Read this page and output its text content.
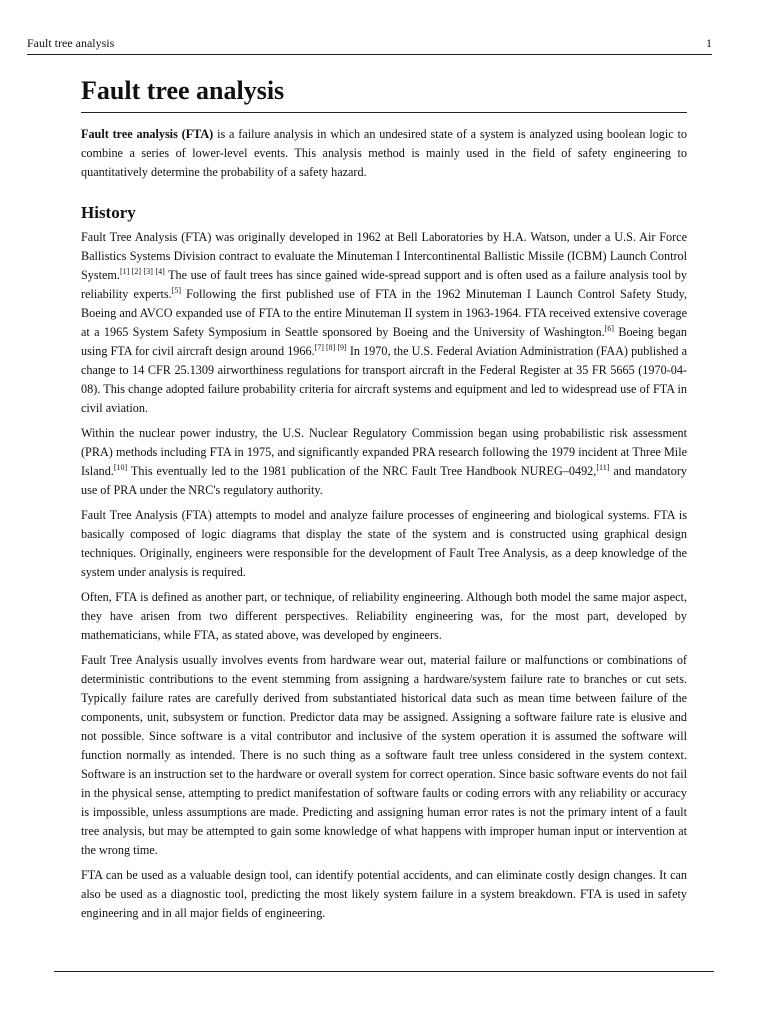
Fault tree analysis	1
Fault tree analysis

Fault tree analysis (FTA) is a failure analysis in which an undesired state of a system is analyzed using boolean logic to combine a series of lower-level events. This analysis method is mainly used in the field of safety engineering to quantitatively determine the probability of a safety hazard.

History

Fault Tree Analysis (FTA) was originally developed in 1962 at Bell Laboratories by H.A. Watson, under a U.S. Air Force Ballistics Systems Division contract to evaluate the Minuteman I Intercontinental Ballistic Missile (ICBM) Launch Control System.[1] [2] [3] [4] The use of fault trees has since gained wide-spread support and is often used as a failure analysis tool by reliability experts.[5] Following the first published use of FTA in the 1962 Minuteman I Launch Control Safety Study, Boeing and AVCO expanded use of FTA to the entire Minuteman II system in 1963-1964. FTA received extensive coverage at a 1965 System Safety Symposium in Seattle sponsored by Boeing and the University of Washington.[6] Boeing began using FTA for civil aircraft design around 1966.[7] [8] [9] In 1970, the U.S. Federal Aviation Administration (FAA) published a change to 14 CFR 25.1309 airworthiness regulations for transport aircraft in the Federal Register at 35 FR 5665 (1970-04-08). This change adopted failure probability criteria for aircraft systems and equipment and led to widespread use of FTA in civil aviation.

Within the nuclear power industry, the U.S. Nuclear Regulatory Commission began using probabilistic risk assessment (PRA) methods including FTA in 1975, and significantly expanded PRA research following the 1979 incident at Three Mile Island.[10] This eventually led to the 1981 publication of the NRC Fault Tree Handbook NUREG–0492,[11] and mandatory use of PRA under the NRC's regulatory authority.

Fault Tree Analysis (FTA) attempts to model and analyze failure processes of engineering and biological systems. FTA is basically composed of logic diagrams that display the state of the system and is constructed using graphical design techniques. Originally, engineers were responsible for the development of Fault Tree Analysis, as a deep knowledge of the system under analysis is required.

Often, FTA is defined as another part, or technique, of reliability engineering. Although both model the same major aspect, they have arisen from two different perspectives. Reliability engineering was, for the most part, developed by mathematicians, while FTA, as stated above, was developed by engineers.

Fault Tree Analysis usually involves events from hardware wear out, material failure or malfunctions or combinations of deterministic contributions to the event stemming from assigning a hardware/system failure rate to branches or cut sets. Typically failure rates are carefully derived from substantiated historical data such as mean time between failure of the components, unit, subsystem or function. Predictor data may be assigned. Assigning a software failure rate is elusive and not possible. Since software is a vital contributor and inclusive of the system operation it is assumed the software will function normally as intended. There is no such thing as a software fault tree unless considered in the system context. Software is an instruction set to the hardware or overall system for correct operation. Since basic software events do not fail in the physical sense, attempting to predict manifestation of software faults or coding errors with any reliability or accuracy is impossible, unless assumptions are made. Predicting and assigning human error rates is not the primary intent of a fault tree analysis, but may be attempted to gain some knowledge of what happens with improper human input or intervention at the wrong time.

FTA can be used as a valuable design tool, can identify potential accidents, and can eliminate costly design changes. It can also be used as a diagnostic tool, predicting the most likely system failure in a system breakdown. FTA is used in safety engineering and in all major fields of engineering.
